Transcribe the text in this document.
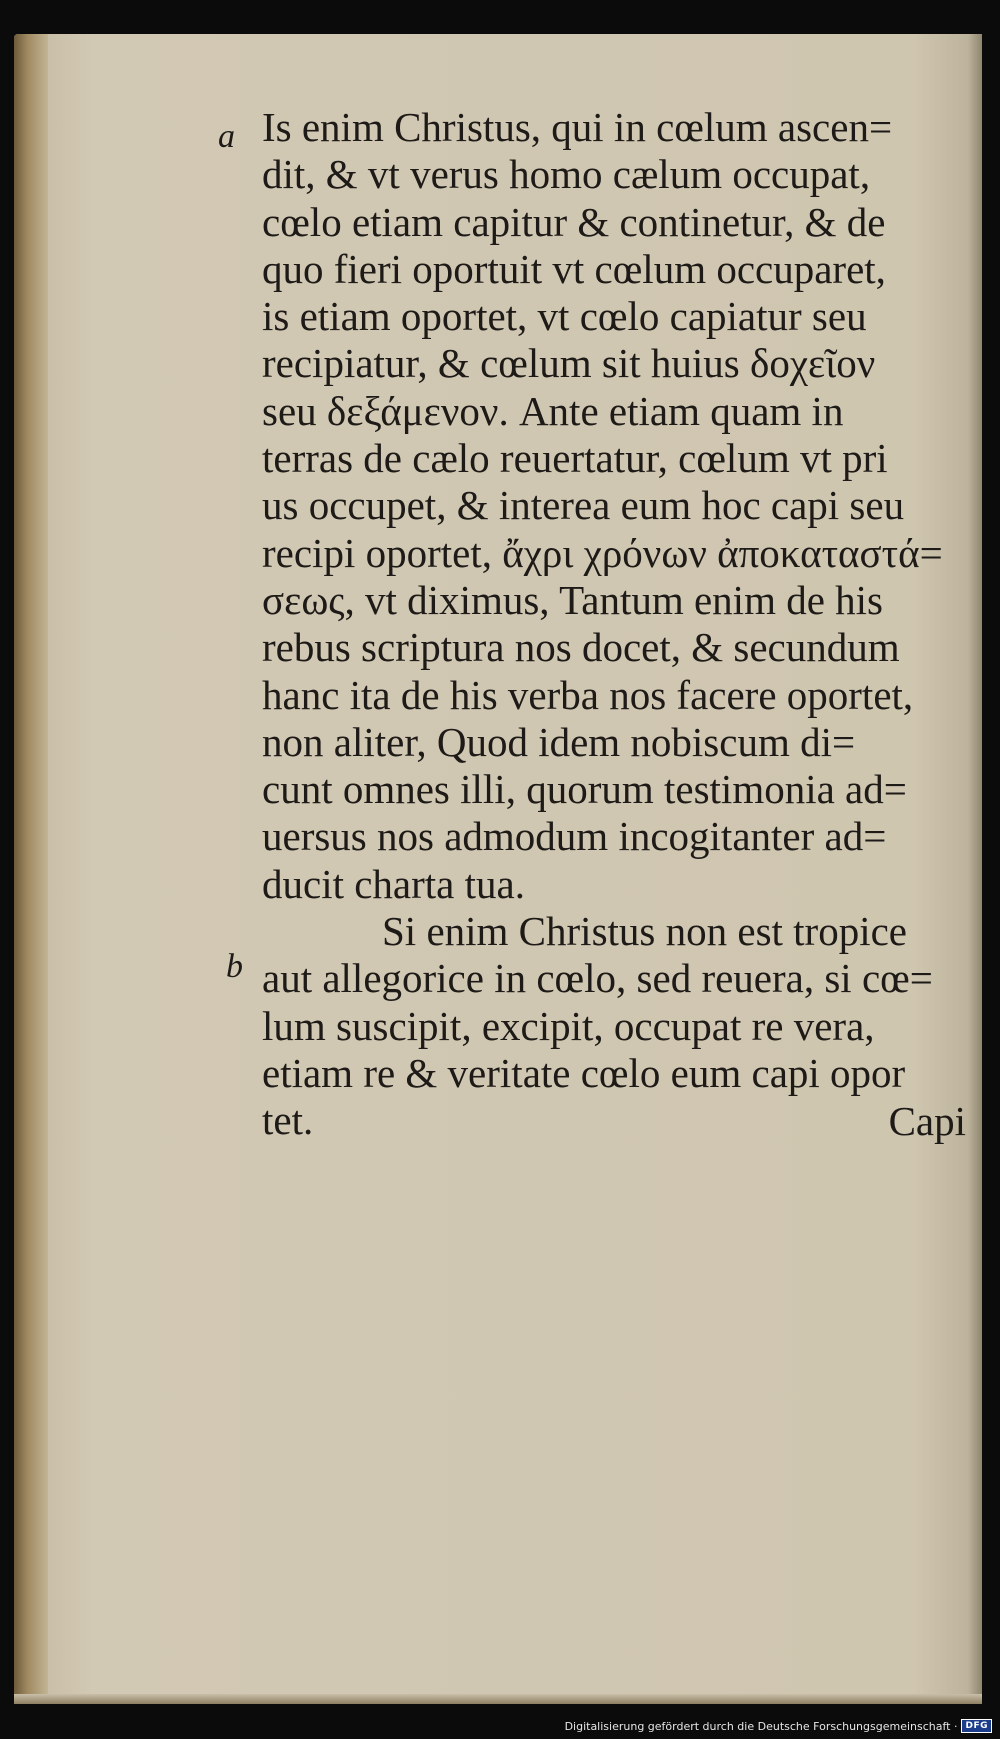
a
b
Is enim Christus, qui in cœlum ascen=
dit, & vt verus homo cælum occupat,
cœlo etiam capitur & continetur, & de
quo fieri oportuit vt cœlum occuparet,
is etiam oportet, vt cœlo capiatur seu
recipiatur, & cœlum sit huius δοχεῖον
seu δεξάμενον. Ante etiam quam in
terras de cælo reuertatur, cœlum vt pri
us occupet, & interea eum hoc capi seu
recipi oportet, ἄχρι χρόνων ἀποκαταστά=
σεως, vt diximus, Tantum enim de his
rebus scriptura nos docet, & secundum
hanc ita de his verba nos facere oportet,
non aliter, Quod idem nobiscum di=
cunt omnes illi, quorum testimonia ad=
uersus nos admodum incogitanter ad=
ducit charta tua.
Si enim Christus non est tropice
aut allegorice in cœlo, sed reuera, si cœ=
lum suscipit, excipit, occupat re vera,
etiam re & veritate cœlo eum capi opor
tet.	Capi
Digitalisierung gefördert durch die Deutsche Forschungsgemeinschaft · DFG
